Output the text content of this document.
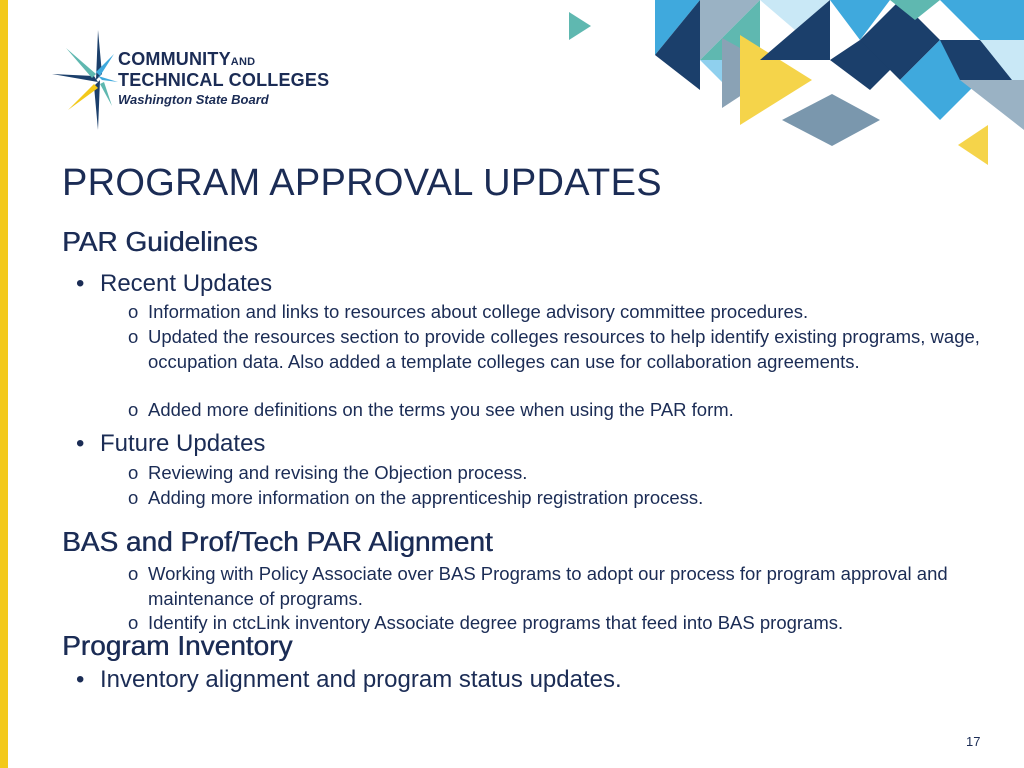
COMMUNITYAND
TECHNICAL COLLEGES
Washington State Board
PROGRAM APPROVAL UPDATES
PAR Guidelines
• Recent Updates
o Information and links to resources about college advisory committee procedures.
o Updated the resources section to provide colleges resources to help identify existing programs, wage, occupation data. Also added a template colleges can use for collaboration agreements.
o Added more definitions on the terms you see when using the PAR form.
• Future Updates
o Reviewing and revising the Objection process.
o Adding more information on the apprenticeship registration process.
BAS and Prof/Tech PAR Alignment
o Working with Policy Associate over BAS Programs to adopt our process for program approval and maintenance of programs.
o Identify in ctcLink inventory Associate degree programs that feed into BAS programs.
Program Inventory
• Inventory alignment and program status updates.
17
